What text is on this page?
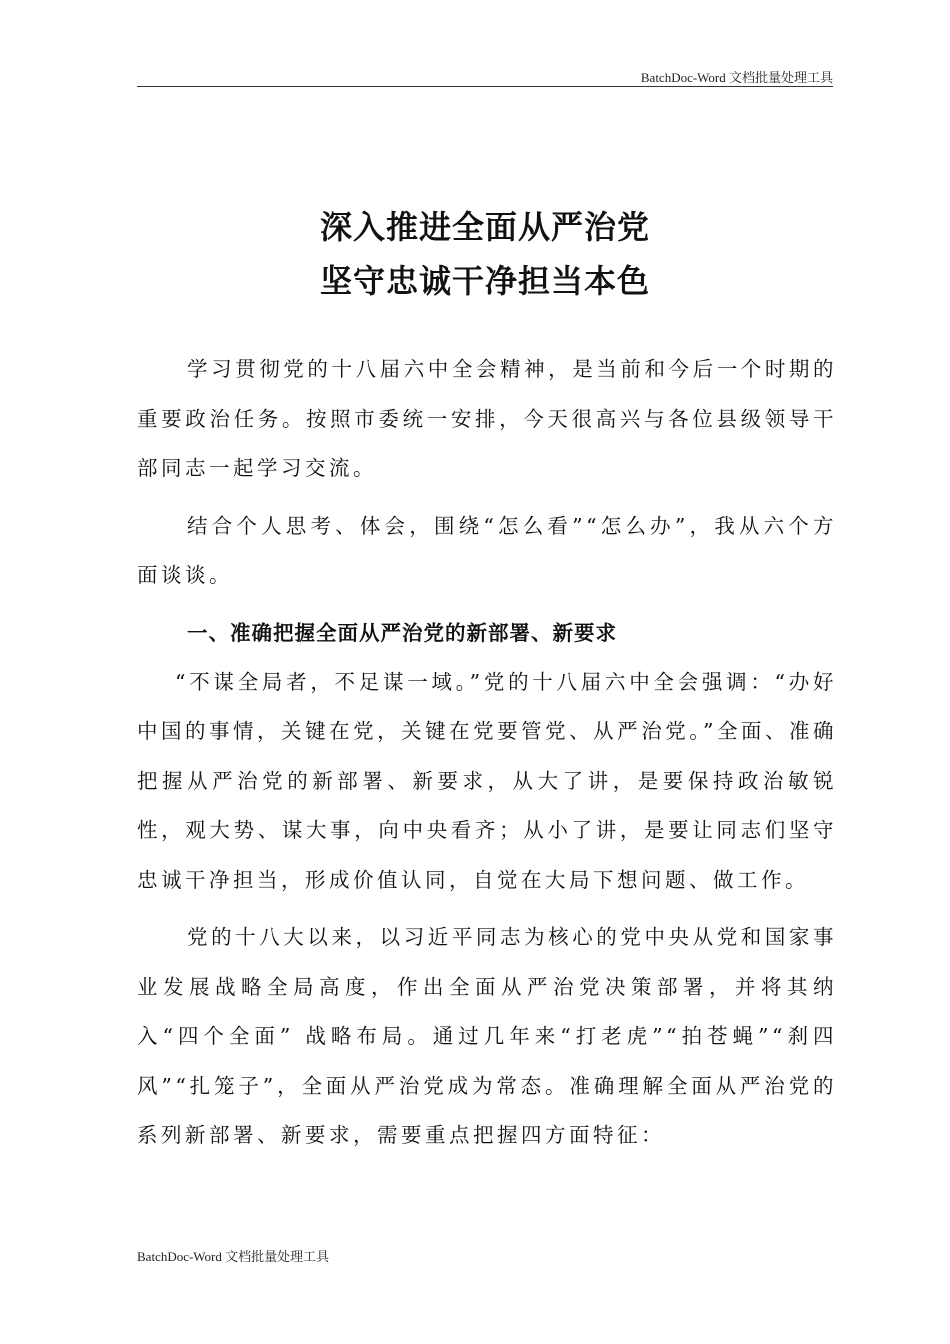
BatchDoc-Word 文档批量处理工具
深入推进全面从严治党
坚守忠诚干净担当本色

学习贯彻党的十八届六中全会精神，是当前和今后一个时期的重要政治任务。按照市委统一安排，今天很高兴与各位县级领导干部同志一起学习交流。

结合个人思考、体会，围绕“怎么看”“怎么办”，我从六个方面谈谈。

一、准确把握全面从严治党的新部署、新要求

“不谋全局者，不足谋一域。”党的十八届六中全会强调：“办好中国的事情，关键在党，关键在党要管党、从严治党。”全面、准确把握从严治党的新部署、新要求，从大了讲，是要保持政治敏锐性，观大势、谋大事，向中央看齐；从小了讲，是要让同志们坚守忠诚干净担当，形成价值认同，自觉在大局下想问题、做工作。

党的十八大以来，以习近平同志为核心的党中央从党和国家事业发展战略全局高度，作出全面从严治党决策部署，并将其纳入“四个全面” 战略布局。通过几年来“打老虎”“拍苍蝇”“刹四风”“扎笼子”，全面从严治党成为常态。准确理解全面从严治党的系列新部署、新要求，需要重点把握四方面特征：

BatchDoc-Word 文档批量处理工具
